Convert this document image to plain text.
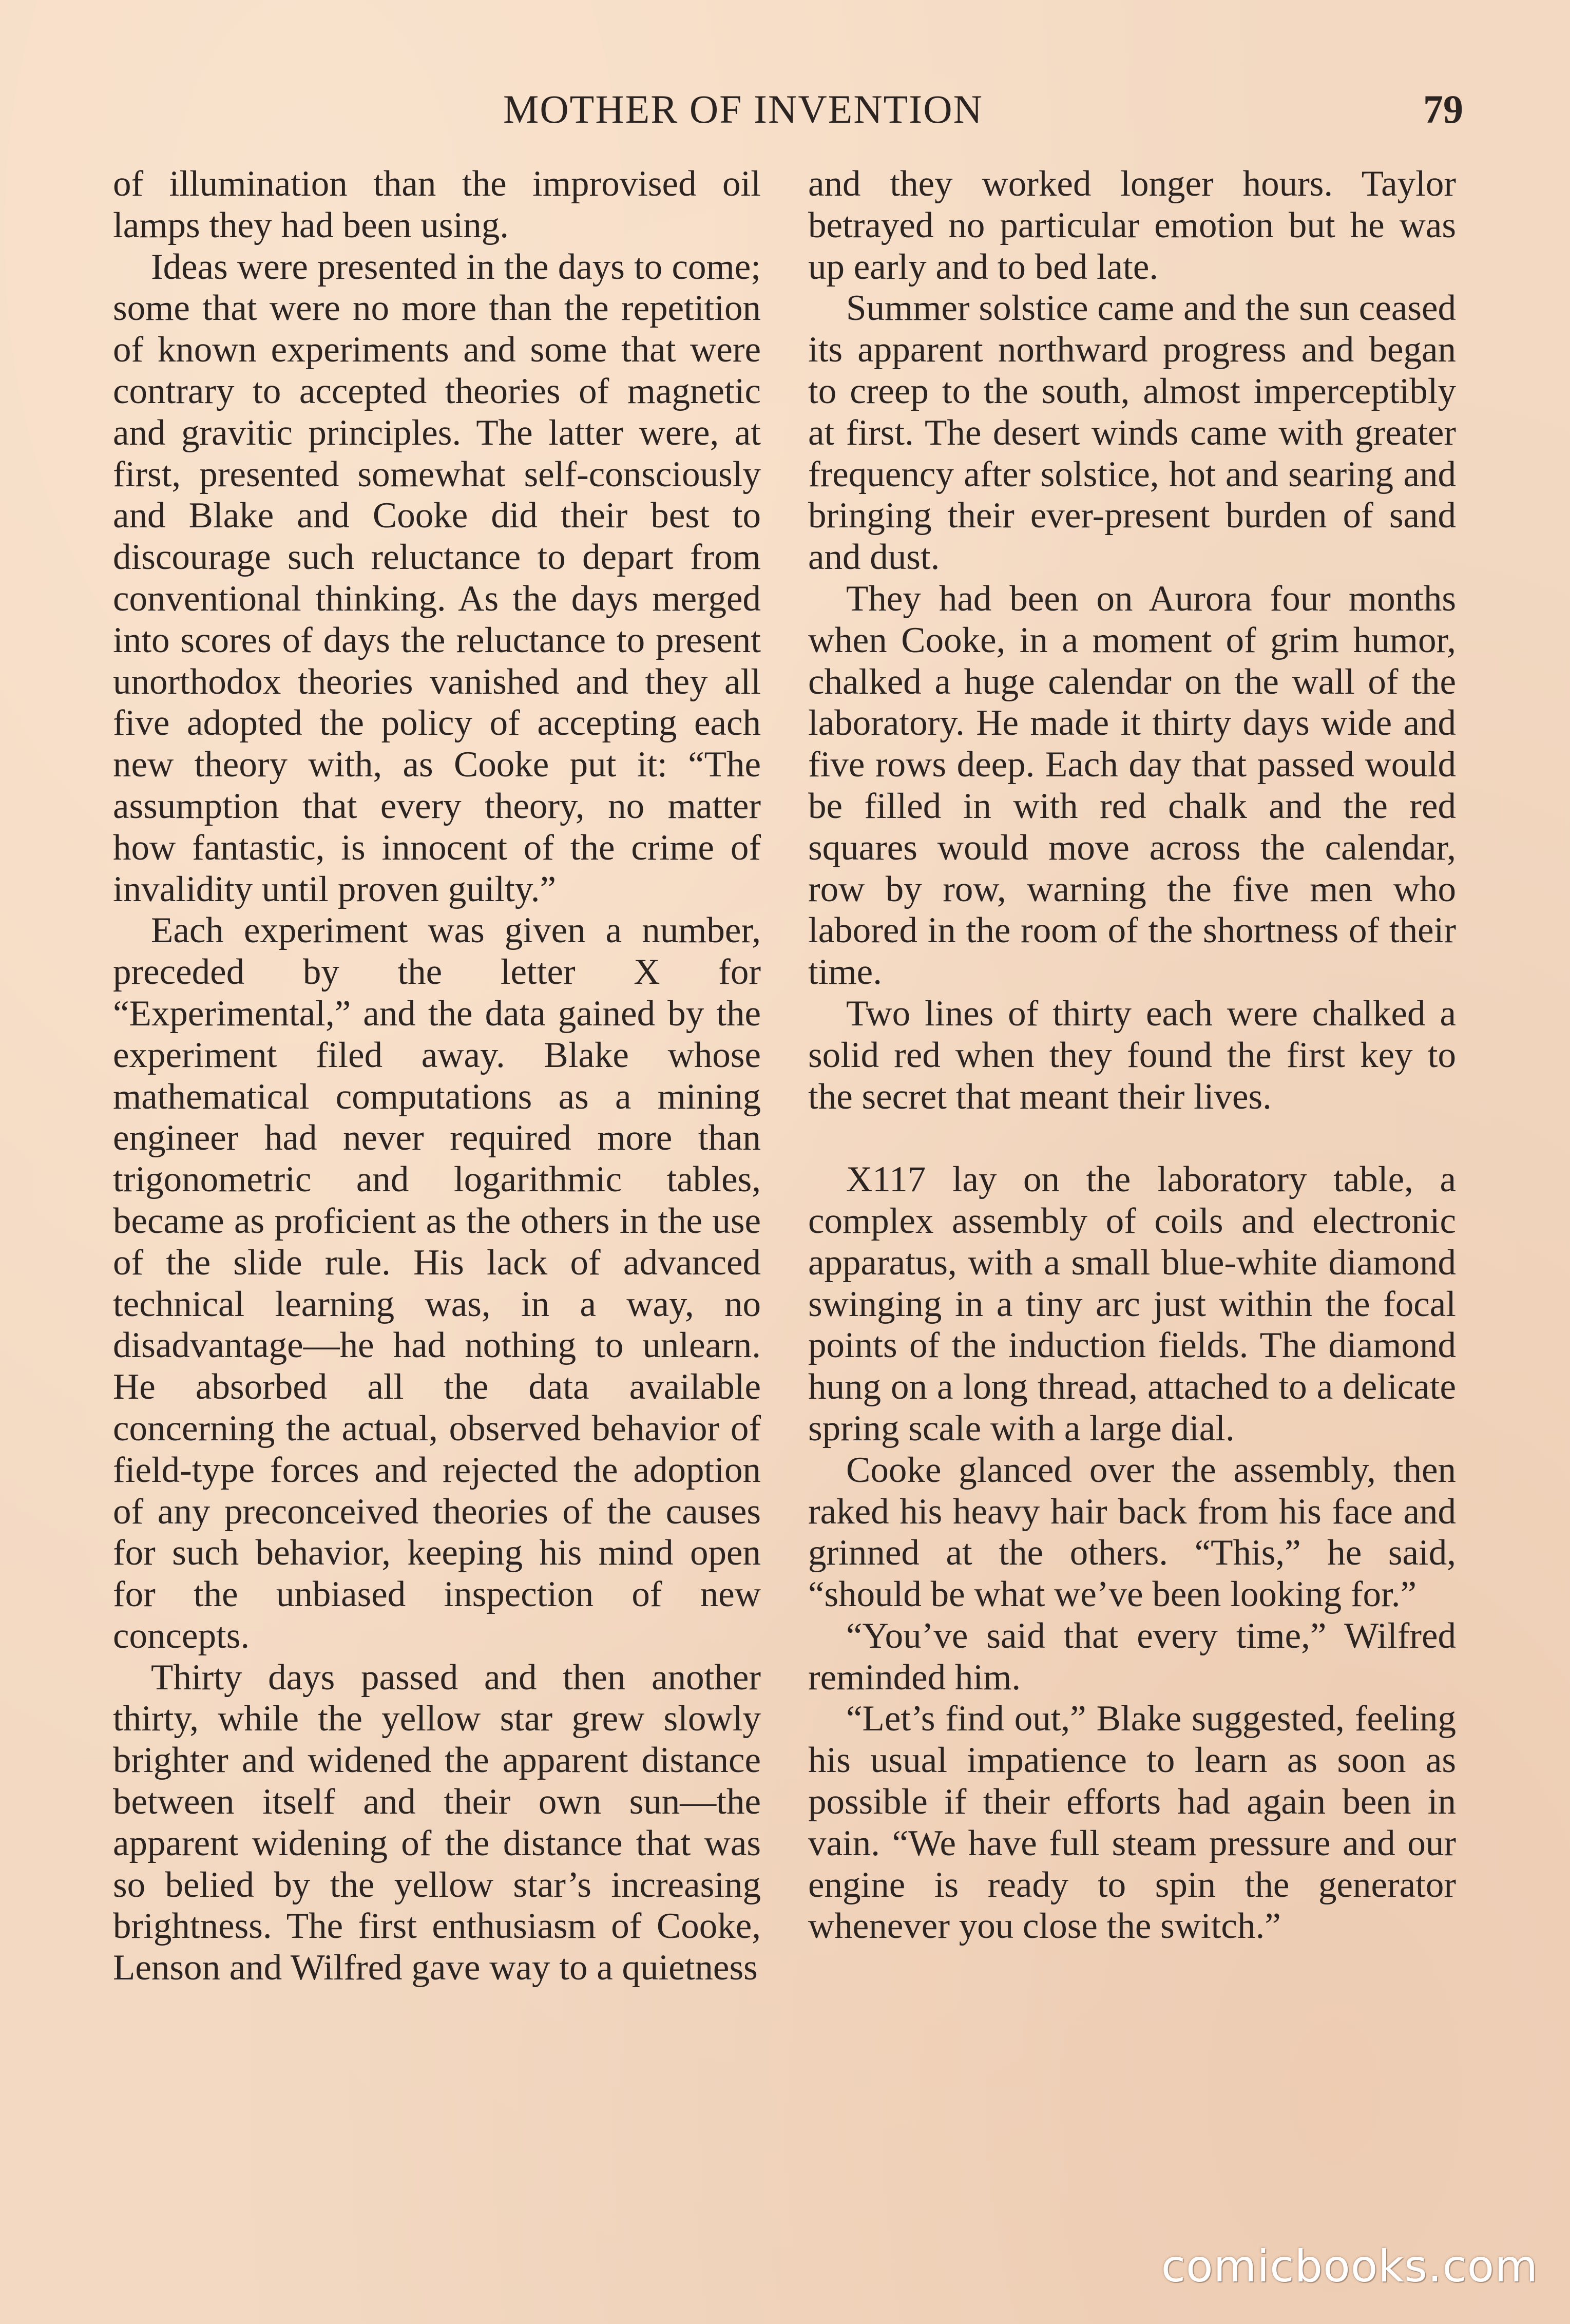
MOTHER OF INVENTION	79

of illumination than the improvised oil lamps they had been using.

Ideas were presented in the days to come; some that were no more than the repetition of known experiments and some that were contrary to accepted theories of magnetic and gravitic principles. The latter were, at first, presented somewhat self-consciously and Blake and Cooke did their best to discourage such reluctance to depart from conventional thinking. As the days merged into scores of days the reluctance to present unorthodox theories vanished and they all five adopted the policy of accepting each new theory with, as Cooke put it: “The assumption that every theory, no matter how fantastic, is innocent of the crime of invalidity until proven guilty.”

Each experiment was given a number, preceded by the letter X for “Experimental,” and the data gained by the experiment filed away. Blake whose mathematical computations as a mining engineer had never required more than trigonometric and logarithmic tables, became as proficient as the others in the use of the slide rule. His lack of advanced technical learning was, in a way, no disadvantage—he had nothing to unlearn. He absorbed all the data available concerning the actual, observed behavior of field-type forces and rejected the adoption of any preconceived theories of the causes for such behavior, keeping his mind open for the unbiased inspection of new concepts.

Thirty days passed and then another thirty, while the yellow star grew slowly brighter and widened the apparent distance between itself and their own sun—the apparent widening of the distance that was so belied by the yellow star’s increasing brightness. The first enthusiasm of Cooke, Lenson and Wilfred gave way to a quietness

and they worked longer hours. Taylor betrayed no particular emotion but he was up early and to bed late.

Summer solstice came and the sun ceased its apparent northward progress and began to creep to the south, almost imperceptibly at first. The desert winds came with greater frequency after solstice, hot and searing and bringing their ever-present burden of sand and dust.

They had been on Aurora four months when Cooke, in a moment of grim humor, chalked a huge calendar on the wall of the laboratory. He made it thirty days wide and five rows deep. Each day that passed would be filled in with red chalk and the red squares would move across the calendar, row by row, warning the five men who labored in the room of the shortness of their time.

Two lines of thirty each were chalked a solid red when they found the first key to the secret that meant their lives.

X117 lay on the laboratory table, a complex assembly of coils and electronic apparatus, with a small blue-white diamond swinging in a tiny arc just within the focal points of the induction fields. The diamond hung on a long thread, attached to a delicate spring scale with a large dial.

Cooke glanced over the assembly, then raked his heavy hair back from his face and grinned at the others. “This,” he said, “should be what we’ve been looking for.”

“You’ve said that every time,” Wilfred reminded him.

“Let’s find out,” Blake suggested, feeling his usual impatience to learn as soon as possible if their efforts had again been in vain. “We have full steam pressure and our engine is ready to spin the generator whenever you close the switch.”

comicbooks.com
